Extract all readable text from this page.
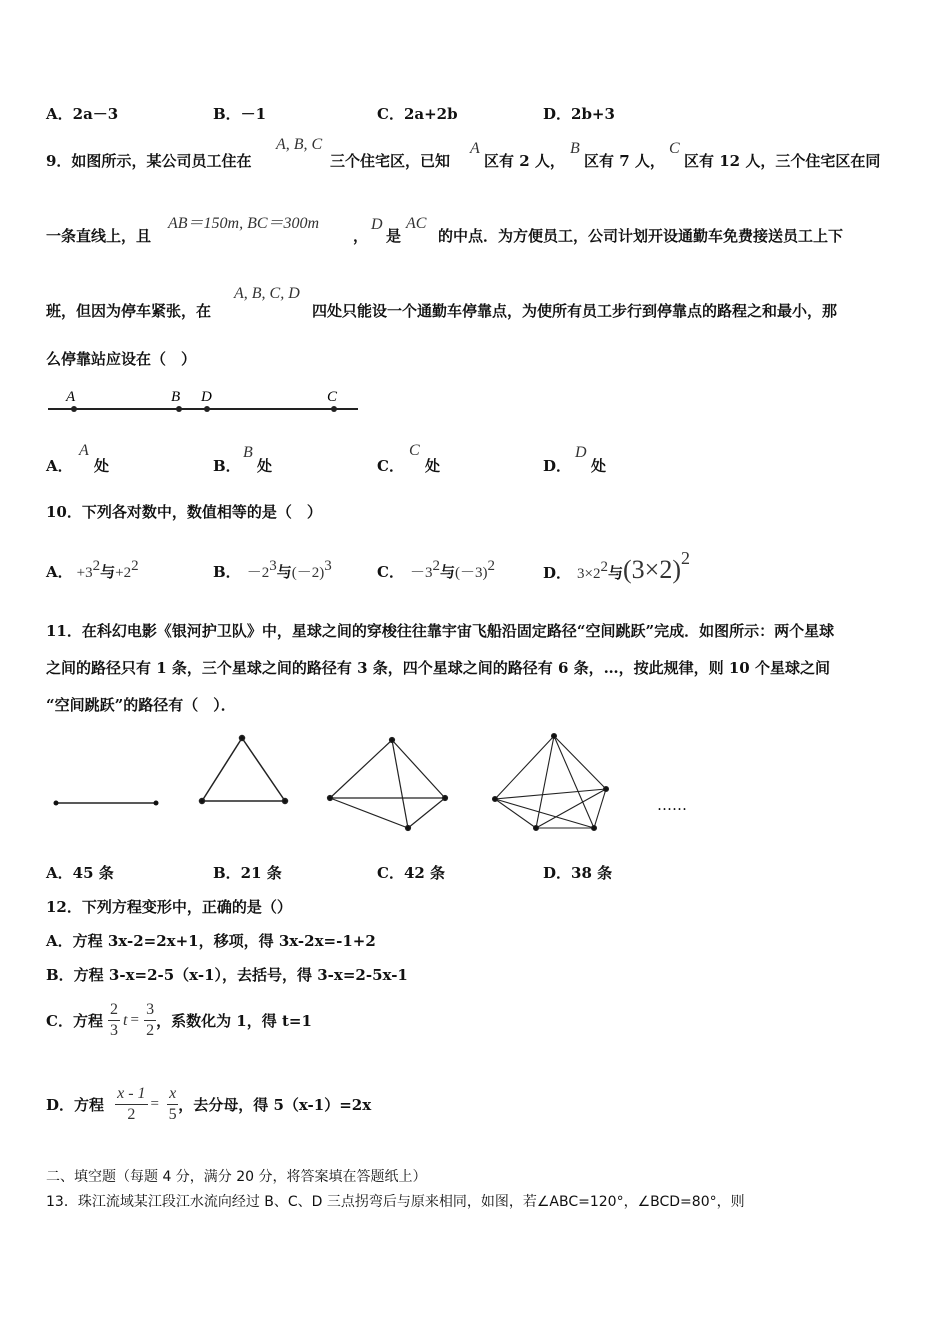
A．2a－3	B．－1	C．2a+2b	D．2b+3
9．如图所示，某公司员工住在
A, B, C
三个住宅区，已知
A
区有 2 人，
B
区有 7 人，
C
区有 12 人，三个住宅区在同
一条直线上，且
AB＝150m, BC＝300m
，
D
是
AC
的中点．为方便员工，公司计划开设通勤车免费接送员工上下
班，但因为停车紧张，在
A, B, C, D
四处只能设一个通勤车停靠点，为使所有员工步行到停靠点的路程之和最小，那
么停靠站应设在（　）
A	B D	C
A．
A
处	B．
B
处	C．
C
处	D．
D
处
10．下列各对数中，数值相等的是（　）
A． $+3^2$与$+2^2$	B． $-2^3$与$(-2)^3$	C． $-3^2$与$(-3)^2$	D． $3\times 2^2$与$(3\times 2)^2$
11．在科幻电影《银河护卫队》中，星球之间的穿梭往往靠宇宙飞船沿固定路径“空间跳跃”完成．如图所示：两个星球
之间的路径只有 1 条，三个星球之间的路径有 3 条，四个星球之间的路径有 6 条，…，按此规律，则 10 个星球之间
“空间跳跃”的路径有（　）．
……
A．45 条	B．21 条	C．42 条	D．38 条
12．下列方程变形中，正确的是（）
A．方程 3x-2=2x+1，移项，得 3x-2x=-1+2
B．方程 3-x=2-5（x-1），去括号，得 3-x=2-5x-1
C．方程 $\frac{2}{3}$ $t = \frac{3}{2}$ ，系数化为 1，得 t=1
D．方程 $\frac{x - 1}{2} = \frac{x}{5}$ ，去分母，得 5（x-1）=2x
二、填空题（每题 4 分，满分 20 分，将答案填在答题纸上）
13．珠江流域某江段江水流向经过 B、C、D 三点拐弯后与原来相同，如图，若∠ABC=120°，∠BCD=80°，则
